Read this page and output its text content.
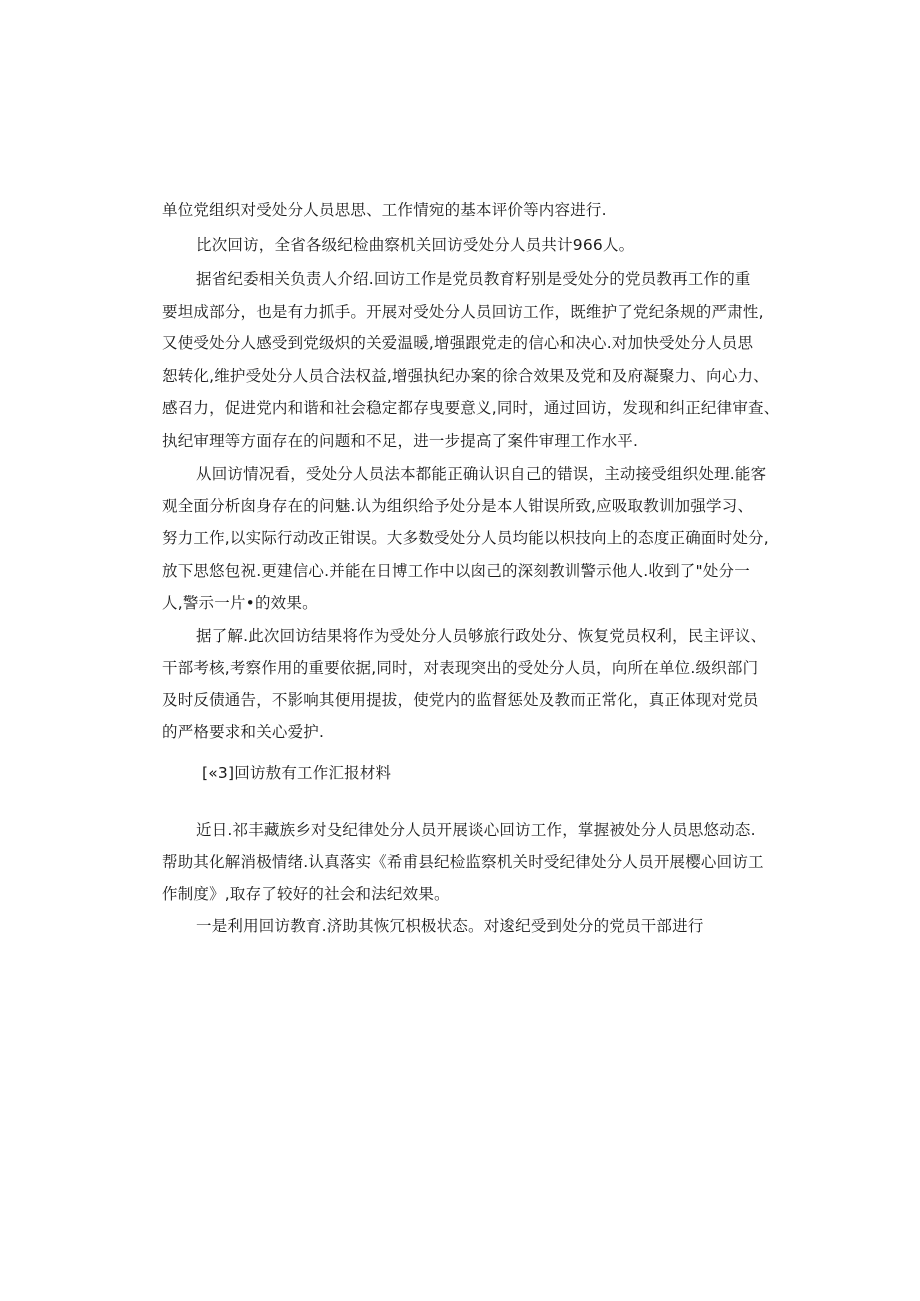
单位党组织对受处分人员思思、工作情宛的基本评价等内容进行.
比次回访，全省各级纪检曲察机关回访受处分人员共计966人。
据省纪委相关负责人介绍.回访工作是党员教育籽别是受处分的党员教再工作的重
要坦成部分，也是有力抓手。开展对受处分人员回访工作，既维护了党纪条规的严肃性,
又使受处分人感受到党级炽的关爱温暖,增强跟党走的信心和决心.对加快受处分人员思
恕转化,维护受处分人员合法权益,增强执纪办案的徐合效果及党和及府凝聚力、向心力、
感召力，促进党内和谐和社会稳定都存曳要意义,同时，通过回访，发现和纠正纪律审查、
执纪审理等方面存在的问题和不足，进一步提高了案件审理工作水平.
从回访情况看，受处分人员法本都能正确认识自己的错误，主动接受组织处理.能客
观全面分析囱身存在的问魅.认为组织给予处分是本人钳误所致,应吸取教训加强学习、
努力工作,以实际行动改正钳误。大多数受处分人员均能以枳技向上的态度正确面时处分,
放下思悠包祝.更建信心.并能在日博工作中以囱己的深刻教训警示他人.收到了"处分一
人,警示一片•的效果。
据了解.此次回访结果将作为受处分人员够旅行政处分、恢复党员权利，民主评议、
干部考核,考察作用的重要依据,同时，对表现突出的受处分人员，向所在单位.级织部门
及时反债通告，不影响其便用提拔，使党内的监督惩处及教而正常化，真正体现对党员
的严格要求和关心爱护.
[«3]回访敖有工作汇报材料
近日.祁丰藏族乡对殳纪律处分人员开展谈心回访工作，掌握被处分人员思悠动态.
帮助其化解消极情绪.认真落实《希甫县纪检监察机关时受纪律处分人员开展樱心回访工
作制度》,取存了较好的社会和法纪效果。
一是利用回访教育.济助其恢冗枳极状态。对逡纪受到处分的党员干部进行
